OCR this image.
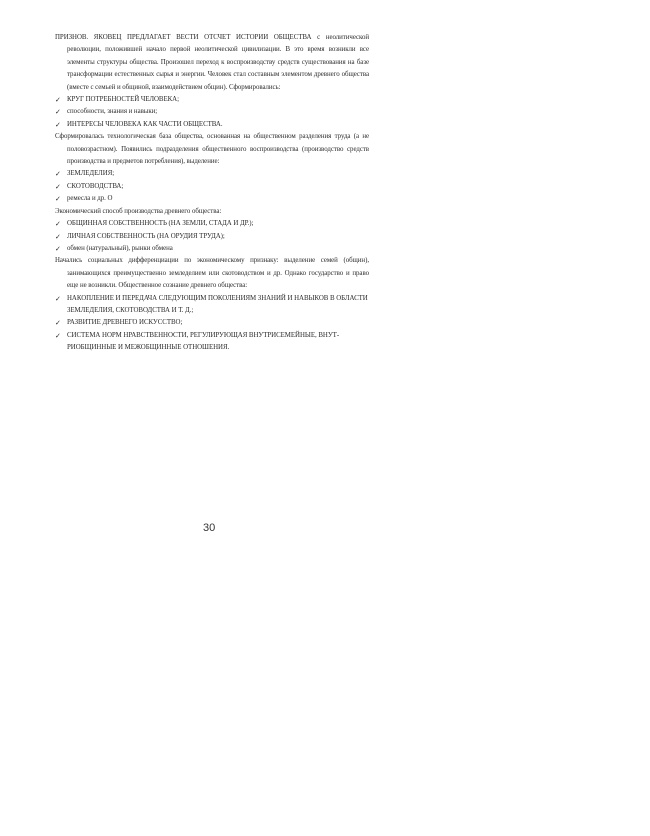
ПРИЗНОВ. ЯКОВЕЦ ПРЕДЛАГАЕТ ВЕСТИ ОТСЧЕТ ИСТОРИИ ОБЩЕСТВА с неолитической революции, положившей начало первой неолитической цивилизации. В это время возникли все элементы структуры общества. Произошел переход к воспроизводству средств существования на базе трансформации естественных сырья и энергии. Человек стал составным элементом древнего общества (вместе с семьей и общиной, взаимодействием общин). Сформировались:

✓ КРУГ ПОТРЕБНОСТЕЙ ЧЕЛОВЕКА;

✓ способности, знания и навыки;

✓ ИНТЕРЕСЫ ЧЕЛОВЕКА КАК ЧАСТИ ОБЩЕСТВА.

Сформировалась технологическая база общества, основанная на общественном разделения труда (а не половозрастном). Появились подразделения общественного воспроизводства (производство средств производства и предметов потребления), выделение:

✓ ЗЕМЛЕДЕЛИЯ;

✓ СКОТОВОДСТВА;

✓ ремесла и др. О

Экономический способ производства древнего общества:

✓ ОБЩИННАЯ СОБСТВЕННОСТЬ (НА ЗЕМЛИ, СТАДА И ДР.);

✓ ЛИЧНАЯ СОБСТВЕННОСТЬ (НА ОРУДИЯ ТРУДА);

✓ обмен (натуральный), рынки обмена

Начались социальных дифференциации по экономическому признаку: выделение семей (общин), занимающихся преимущественно земледелием или скотоводством и др. Однако государство и право еще не возникли. Общественное сознание древнего общества:

✓ НАКОПЛЕНИЕ И ПЕРЕДАЧА СЛЕДУЮЩИМ ПОКОЛЕНИЯМ ЗНАНИЙ И НАВЫКОВ В ОБЛАСТИ ЗЕМЛЕДЕЛИЯ, СКОТОВОДСТВА И Т. Д.;

✓ РАЗВИТИЕ ДРЕВНЕГО ИСКУССТВО;

✓ СИСТЕМА НОРМ НРАВСТВЕННОСТИ, РЕГУЛИРУЮЩАЯ ВНУТРИСЕМЕЙНЫЕ, ВНУТ-РИОБЩИННЫЕ И МЕЖОБЩИННЫЕ ОТНОШЕНИЯ.

30
